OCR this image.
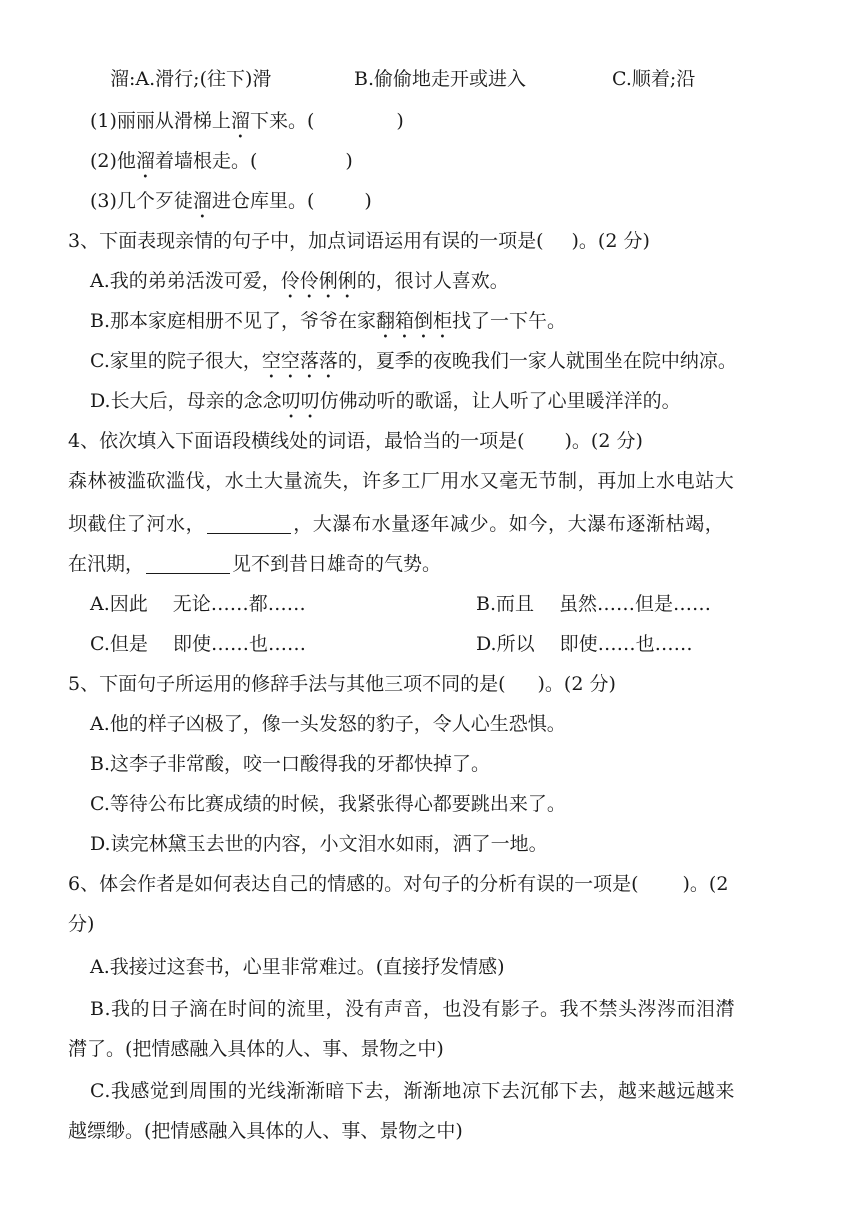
溜:A.滑行;(往下)滑	B.偷偷地走开或进入	C.顺着;沿
(1)丽丽从滑梯上溜下来。(	)
(2)他溜着墙根走。(	)
(3)几个歹徒溜进仓库里。(	)
3、下面表现亲情的句子中，加点词语运用有误的一项是( )。(2 分)
A.我的弟弟活泼可爱，伶伶俐俐的，很讨人喜欢。
B.那本家庭相册不见了，爷爷在家翻箱倒柜找了一下午。
C.家里的院子很大，空空落落的，夏季的夜晚我们一家人就围坐在院中纳凉。
D.长大后，母亲的念念叨叨仿佛动听的歌谣，让人听了心里暖洋洋的。
4、依次填入下面语段横线处的词语，最恰当的一项是( )。(2 分)
森林被滥砍滥伐，水土大量流失，许多工厂用水又毫无节制，再加上水电站大
坝截住了河水，	，大瀑布水量逐年减少。如今，大瀑布逐渐枯竭，
在汛期，	见不到昔日雄奇的气势。
A.因此　 无论……都……	B.而且　 虽然……但是……
C.但是　 即使……也……	D.所以　 即使……也……
5、下面句子所运用的修辞手法与其他三项不同的是( )。(2 分)
A.他的样子凶极了，像一头发怒的豹子，令人心生恐惧。
B.这李子非常酸，咬一口酸得我的牙都快掉了。
C.等待公布比赛成绩的时候，我紧张得心都要跳出来了。
D.读完林黛玉去世的内容，小文泪水如雨，洒了一地。
6、体会作者是如何表达自己的情感的。对句子的分析有误的一项是( )。(2
分)
A.我接过这套书，心里非常难过。(直接抒发情感)
B.我的日子滴在时间的流里，没有声音，也没有影子。我不禁头涔涔而泪潸
潸了。(把情感融入具体的人、事、景物之中)
C.我感觉到周围的光线渐渐暗下去，渐渐地凉下去沉郁下去，越来越远越来
越缥缈。(把情感融入具体的人、事、景物之中)
